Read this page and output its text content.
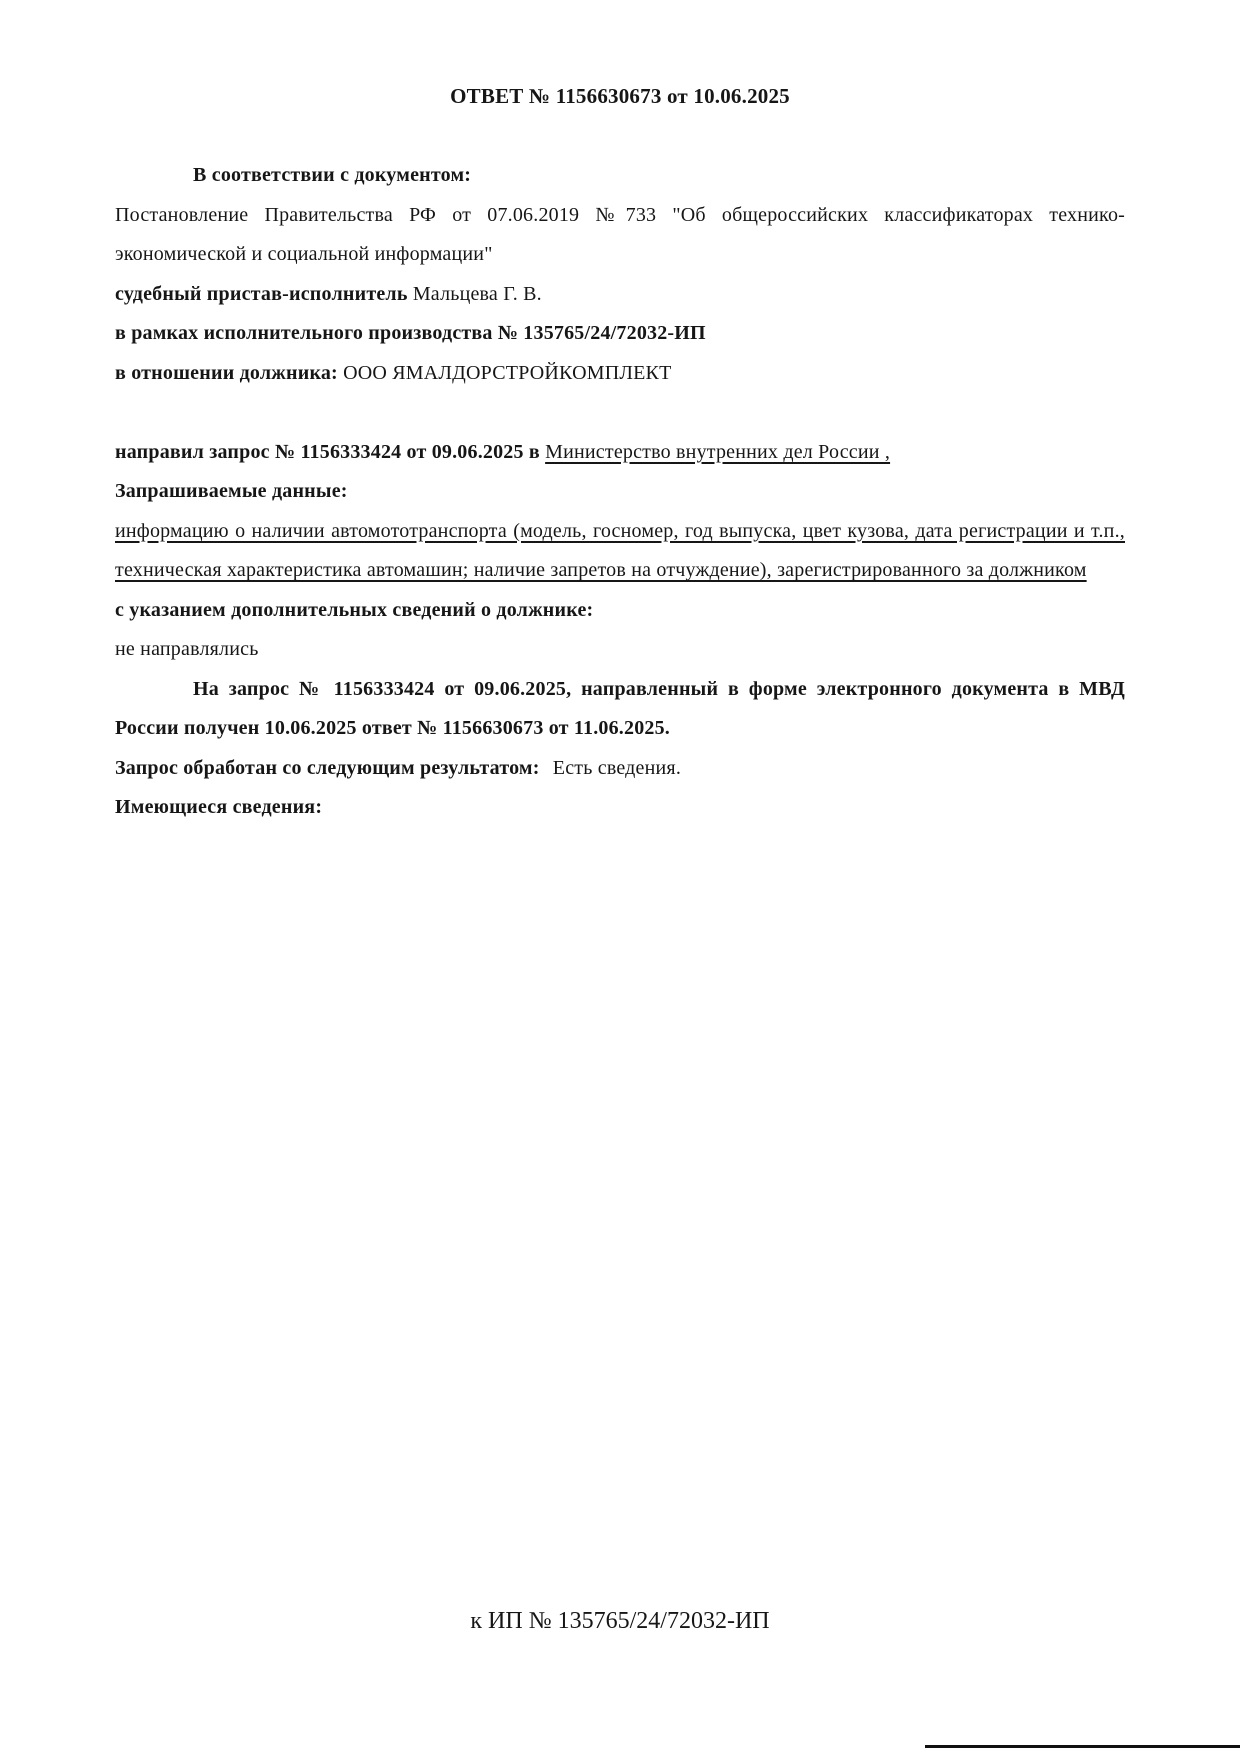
ОТВЕТ № 1156630673 от 10.06.2025

В соответствии с документом:

Постановление Правительства РФ от 07.06.2019 №733 "Об общероссийских классификаторах технико-экономической и социальной информации"

судебный пристав-исполнитель Мальцева Г. В.

в рамках исполнительного производства № 135765/24/72032-ИП

в отношении должника: ООО ЯМАЛДОРСТРОЙКОМПЛЕКТ

направил запрос № 1156333424 от 09.06.2025 в Министерство внутренних дел России ,

Запрашиваемые данные:

информацию о наличии автомототранспорта (модель, госномер, год выпуска, цвет кузова, дата регистрации и т.п., техническая характеристика автомашин; наличие запретов на отчуждение), зарегистрированного за должником

с указанием дополнительных сведений о должнике:

не направлялись

На запрос № 1156333424 от 09.06.2025, направленный в форме электронного документа в МВД России получен 10.06.2025 ответ № 1156630673 от 11.06.2025.

Запрос обработан со следующим результатом: Есть сведения.

Имеющиеся сведения:

к ИП № 135765/24/72032-ИП
